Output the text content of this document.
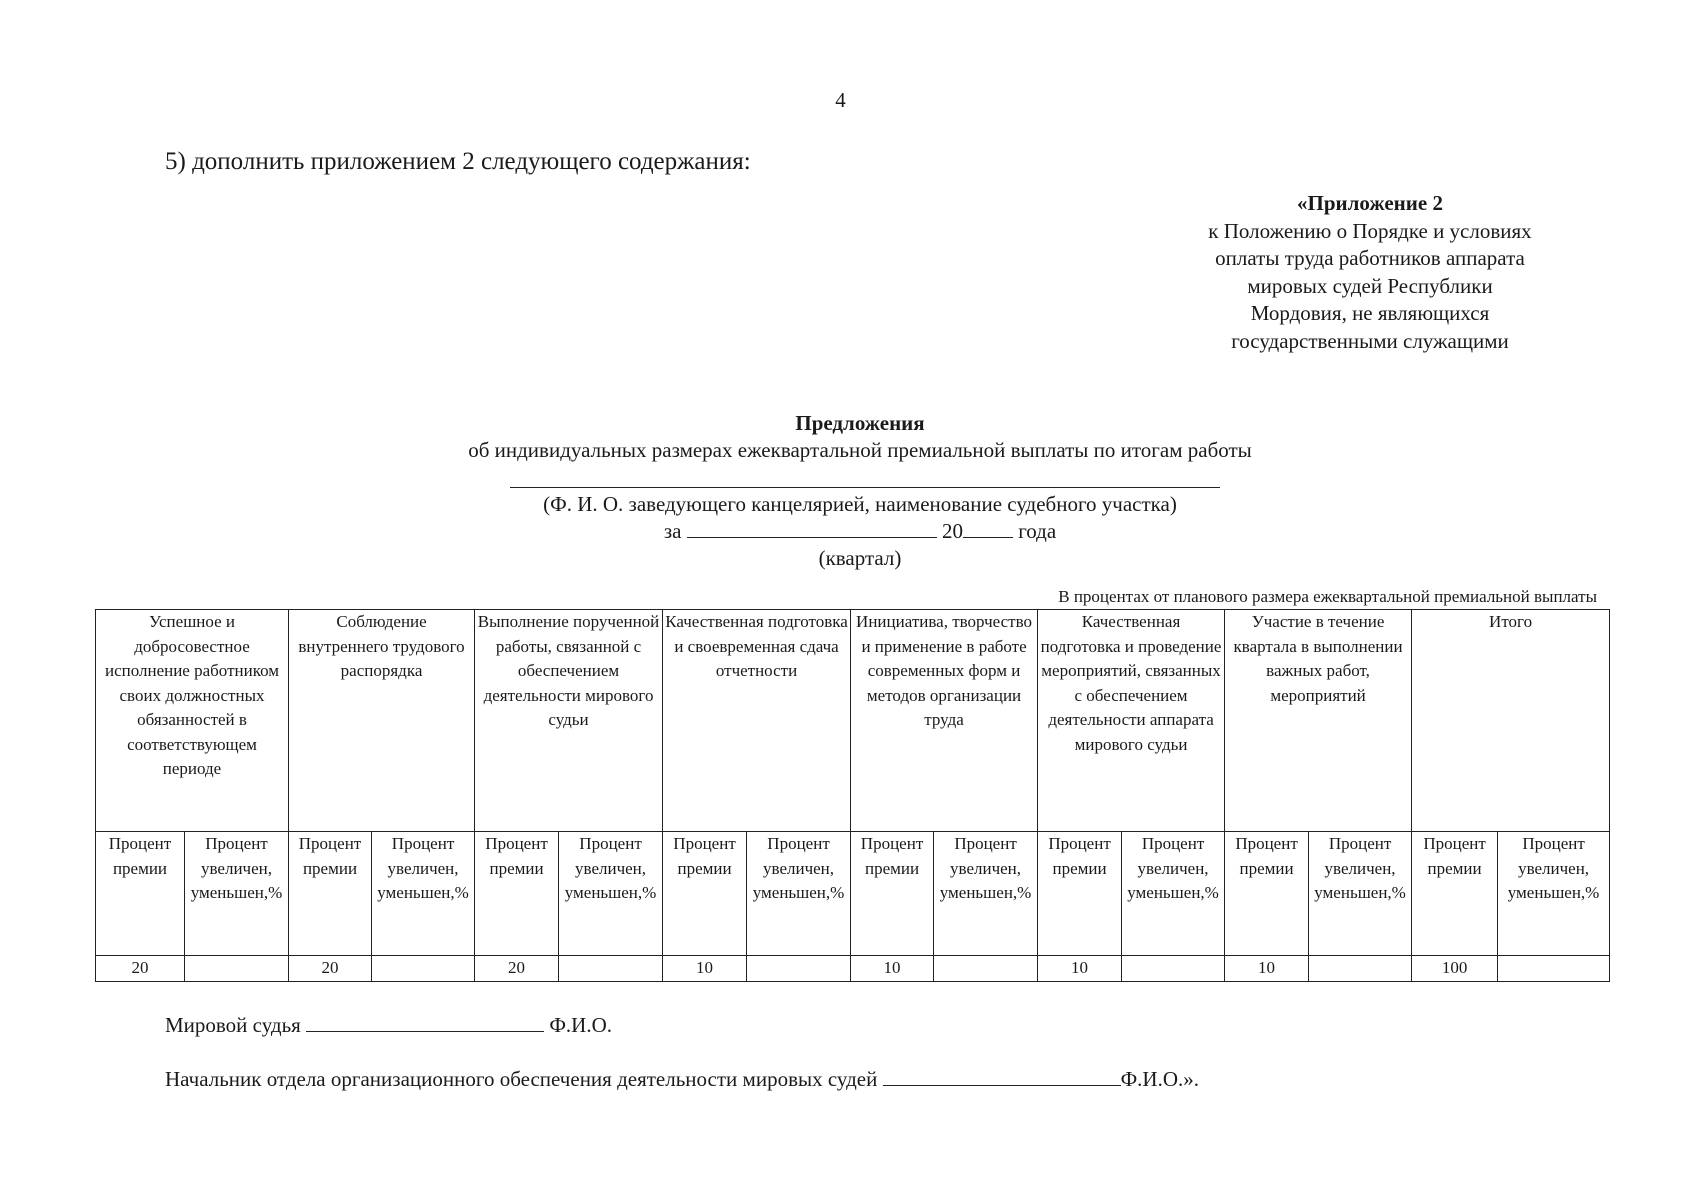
4
5) дополнить приложением 2 следующего содержания:
«Приложение 2
к Положению о Порядке и условиях
оплаты труда работников аппарата
мировых судей Республики
Мордовия, не являющихся
государственными служащими
Предложения
об индивидуальных размерах ежеквартальной премиальной выплаты по итогам работы
(Ф. И. О. заведующего канцелярией, наименование судебного участка)
за	20	года
(квартал)
В процентах от планового размера ежеквартальной премиальной выплаты
Успешное и добросовестное исполнение работником своих должностных обязанностей в соответствующем периоде		Соблюдение внутреннего трудового распорядка		Выполнение порученной работы, связанной с обеспечением деятельности мирового судьи		Качественная подготовка и своевременная сдача отчетности		Инициатива, творчество и применение в работе современных форм и методов организации труда		Качественная подготовка и проведение мероприятий, связанных с обеспечением деятельности аппарата мирового судьи		Участие в течение квартала в выполнении важных работ, мероприятий		Итого	
Процент премии	Процент увеличен, уменьшен,%	Процент премии	Процент увеличен, уменьшен,%	Процент премии	Процент увеличен, уменьшен,%	Процент премии	Процент увеличен, уменьшен,%	Процент премии	Процент увеличен, уменьшен,%	Процент премии	Процент увеличен, уменьшен,%	Процент премии	Процент увеличен, уменьшен,%	Процент премии	Процент увеличен, уменьшен,%
20		20		20		10		10		10		10		100	
Мировой судья	Ф.И.О.
Начальник отдела организационного обеспечения деятельности мировых судей	Ф.И.О.».
